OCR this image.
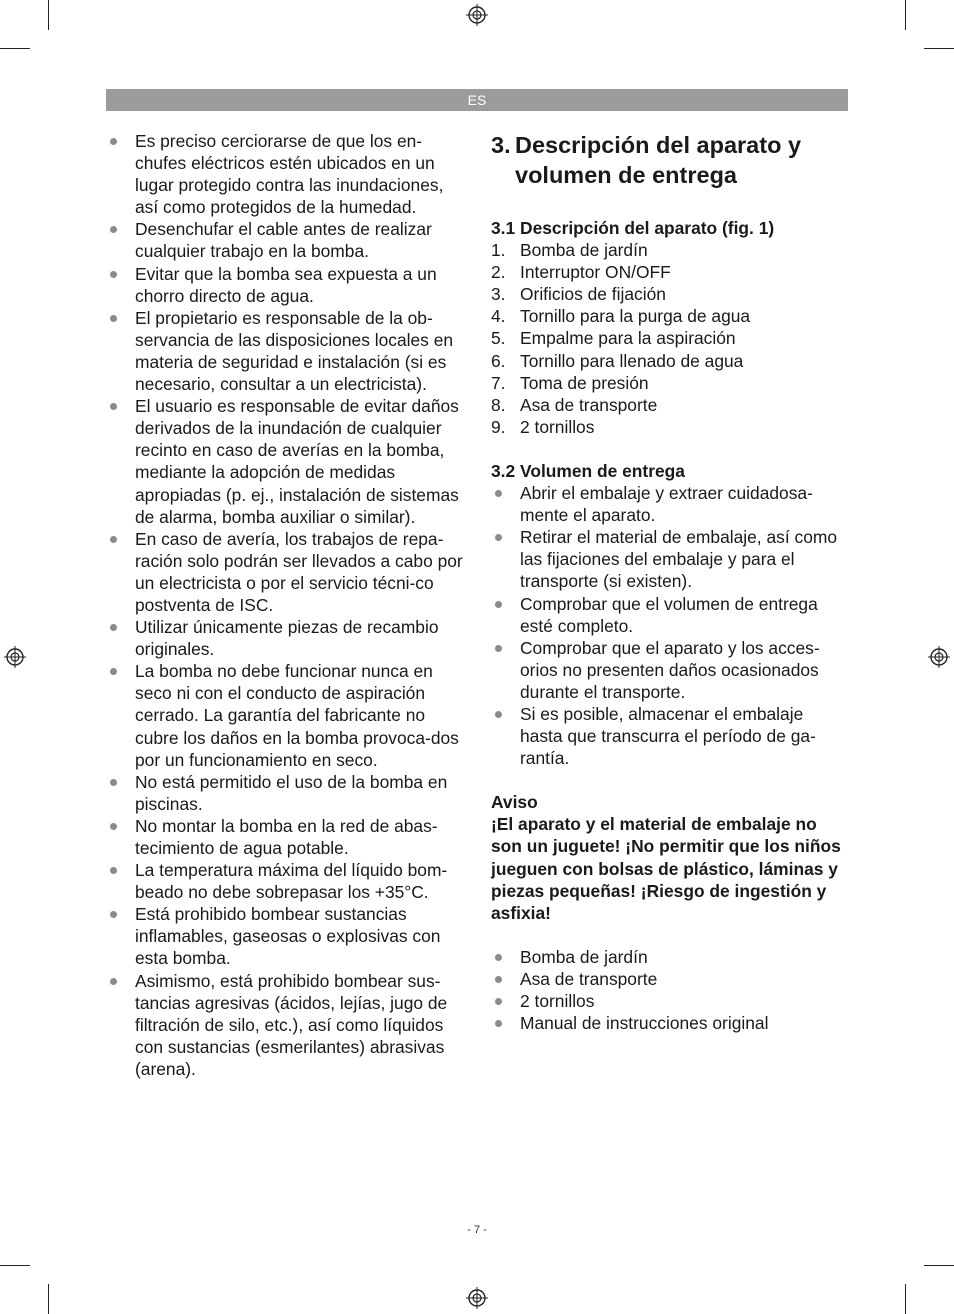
ES
Es preciso cerciorarse de que los en-chufes eléctricos estén ubicados en un lugar protegido contra las inundaciones, así como protegidos de la humedad.
Desenchufar el cable antes de realizar cualquier trabajo en la bomba.
Evitar que la bomba sea expuesta a un chorro directo de agua.
El propietario es responsable de la ob-servancia de las disposiciones locales en materia de seguridad e instalación (si es necesario, consultar a un electricista).
El usuario es responsable de evitar daños derivados de la inundación de cualquier recinto en caso de averías en la bomba, mediante la adopción de medidas apropiadas (p. ej., instalación de sistemas de alarma, bomba auxiliar o similar).
En caso de avería, los trabajos de repa-ración solo podrán ser llevados a cabo por un electricista o por el servicio técni-co postventa de ISC.
Utilizar únicamente piezas de recambio originales.
La bomba no debe funcionar nunca en seco ni con el conducto de aspiración cerrado. La garantía del fabricante no cubre los daños en la bomba provoca-dos por un funcionamiento en seco.
No está permitido el uso de la bomba en piscinas.
No montar la bomba en la red de abas-tecimiento de agua potable.
La temperatura máxima del líquido bom-beado no debe sobrepasar los +35°C.
Está prohibido bombear sustancias inflamables, gaseosas o explosivas con esta bomba.
Asimismo, está prohibido bombear sus-tancias agresivas (ácidos, lejías, jugo de filtración de silo, etc.), así como líquidos con sustancias (esmerilantes) abrasivas (arena).
3. Descripción del aparato y volumen de entrega
3.1 Descripción del aparato (fig. 1)
1. Bomba de jardín
2. Interruptor ON/OFF
3. Orificios de fijación
4. Tornillo para la purga de agua
5. Empalme para la aspiración
6. Tornillo para llenado de agua
7. Toma de presión
8. Asa de transporte
9. 2 tornillos
3.2 Volumen de entrega
Abrir el embalaje y extraer cuidadosa-mente el aparato.
Retirar el material de embalaje, así como las fijaciones del embalaje y para el transporte (si existen).
Comprobar que el volumen de entrega esté completo.
Comprobar que el aparato y los acces-orios no presenten daños ocasionados durante el transporte.
Si es posible, almacenar el embalaje hasta que transcurra el período de ga-rantía.
Aviso
¡El aparato y el material de embalaje no son un juguete! ¡No permitir que los niños jueguen con bolsas de plástico, láminas y piezas pequeñas! ¡Riesgo de ingestión y asfixia!
Bomba de jardín
Asa de transporte
2 tornillos
Manual de instrucciones original
- 7 -
